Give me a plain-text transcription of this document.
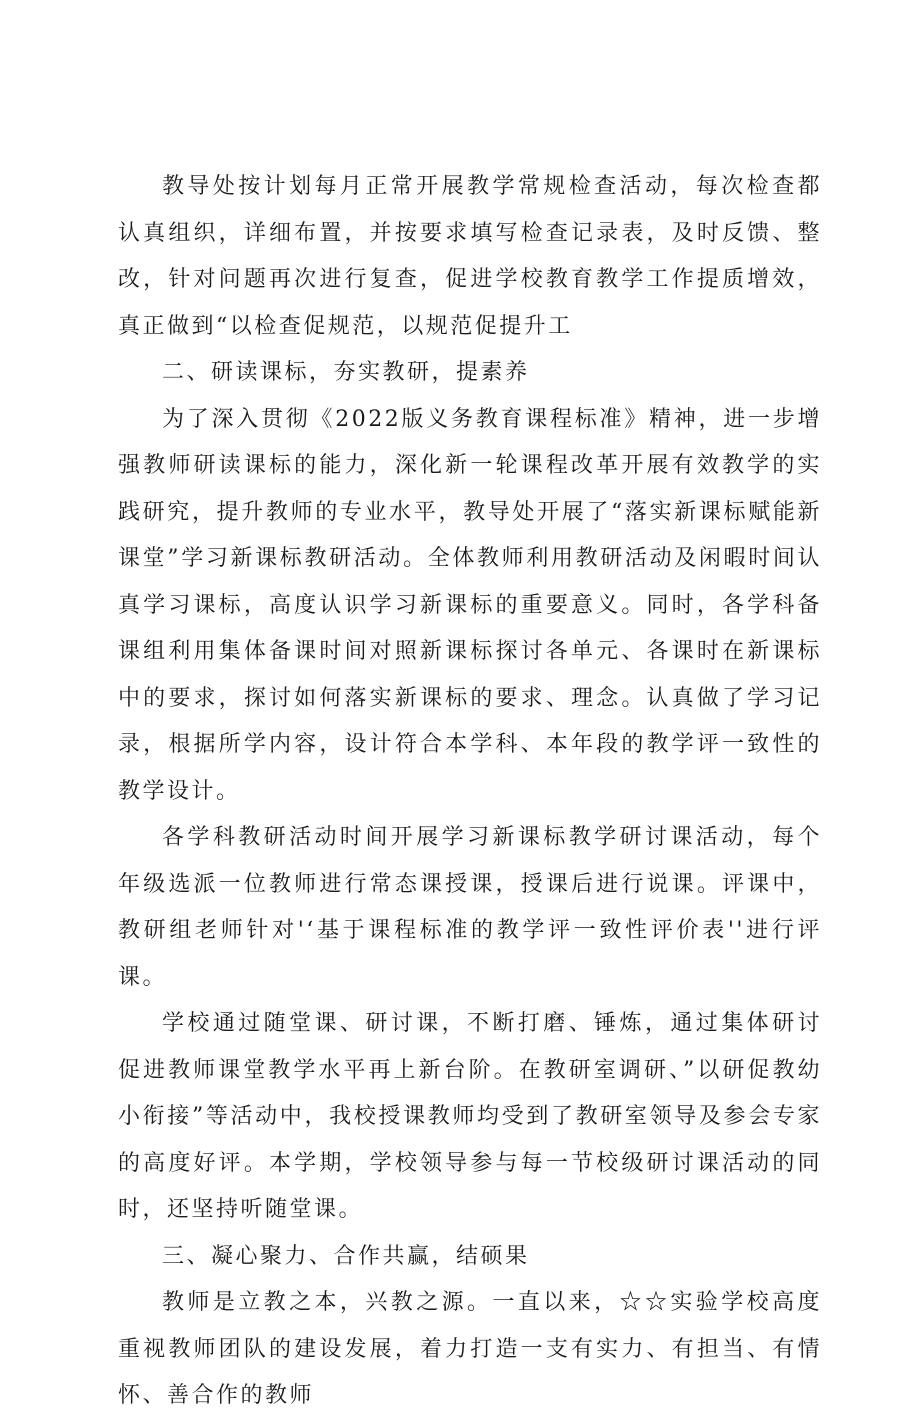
教导处按计划每月正常开展教学常规检查活动，每次检查都认真组织，详细布置，并按要求填写检查记录表，及时反馈、整改，针对问题再次进行复查，促进学校教育教学工作提质增效，真正做到“以检查促规范，以规范促提升工

二、研读课标，夯实教研，提素养

为了深入贯彻《2022版义务教育课程标准》精神，进一步增强教师研读课标的能力，深化新一轮课程改革开展有效教学的实践研究，提升教师的专业水平，教导处开展了“落实新课标赋能新课堂”学习新课标教研活动。全体教师利用教研活动及闲暇时间认真学习课标，高度认识学习新课标的重要意义。同时，各学科备课组利用集体备课时间对照新课标探讨各单元、各课时在新课标中的要求，探讨如何落实新课标的要求、理念。认真做了学习记录，根据所学内容，设计符合本学科、本年段的教学评一致性的教学设计。

各学科教研活动时间开展学习新课标教学研讨课活动，每个年级选派一位教师进行常态课授课，授课后进行说课。评课中，教研组老师针对'‘基于课程标准的教学评一致性评价表''进行评课。

学校通过随堂课、研讨课，不断打磨、锤炼，通过集体研讨促进教师课堂教学水平再上新台阶。在教研室调研、”以研促教幼小衔接”等活动中，我校授课教师均受到了教研室领导及参会专家的高度好评。本学期，学校领导参与每一节校级研讨课活动的同时，还坚持听随堂课。

三、凝心聚力、合作共赢，结硕果

教师是立教之本，兴教之源。一直以来，☆☆实验学校高度重视教师团队的建设发展，着力打造一支有实力、有担当、有情怀、善合作的教师
